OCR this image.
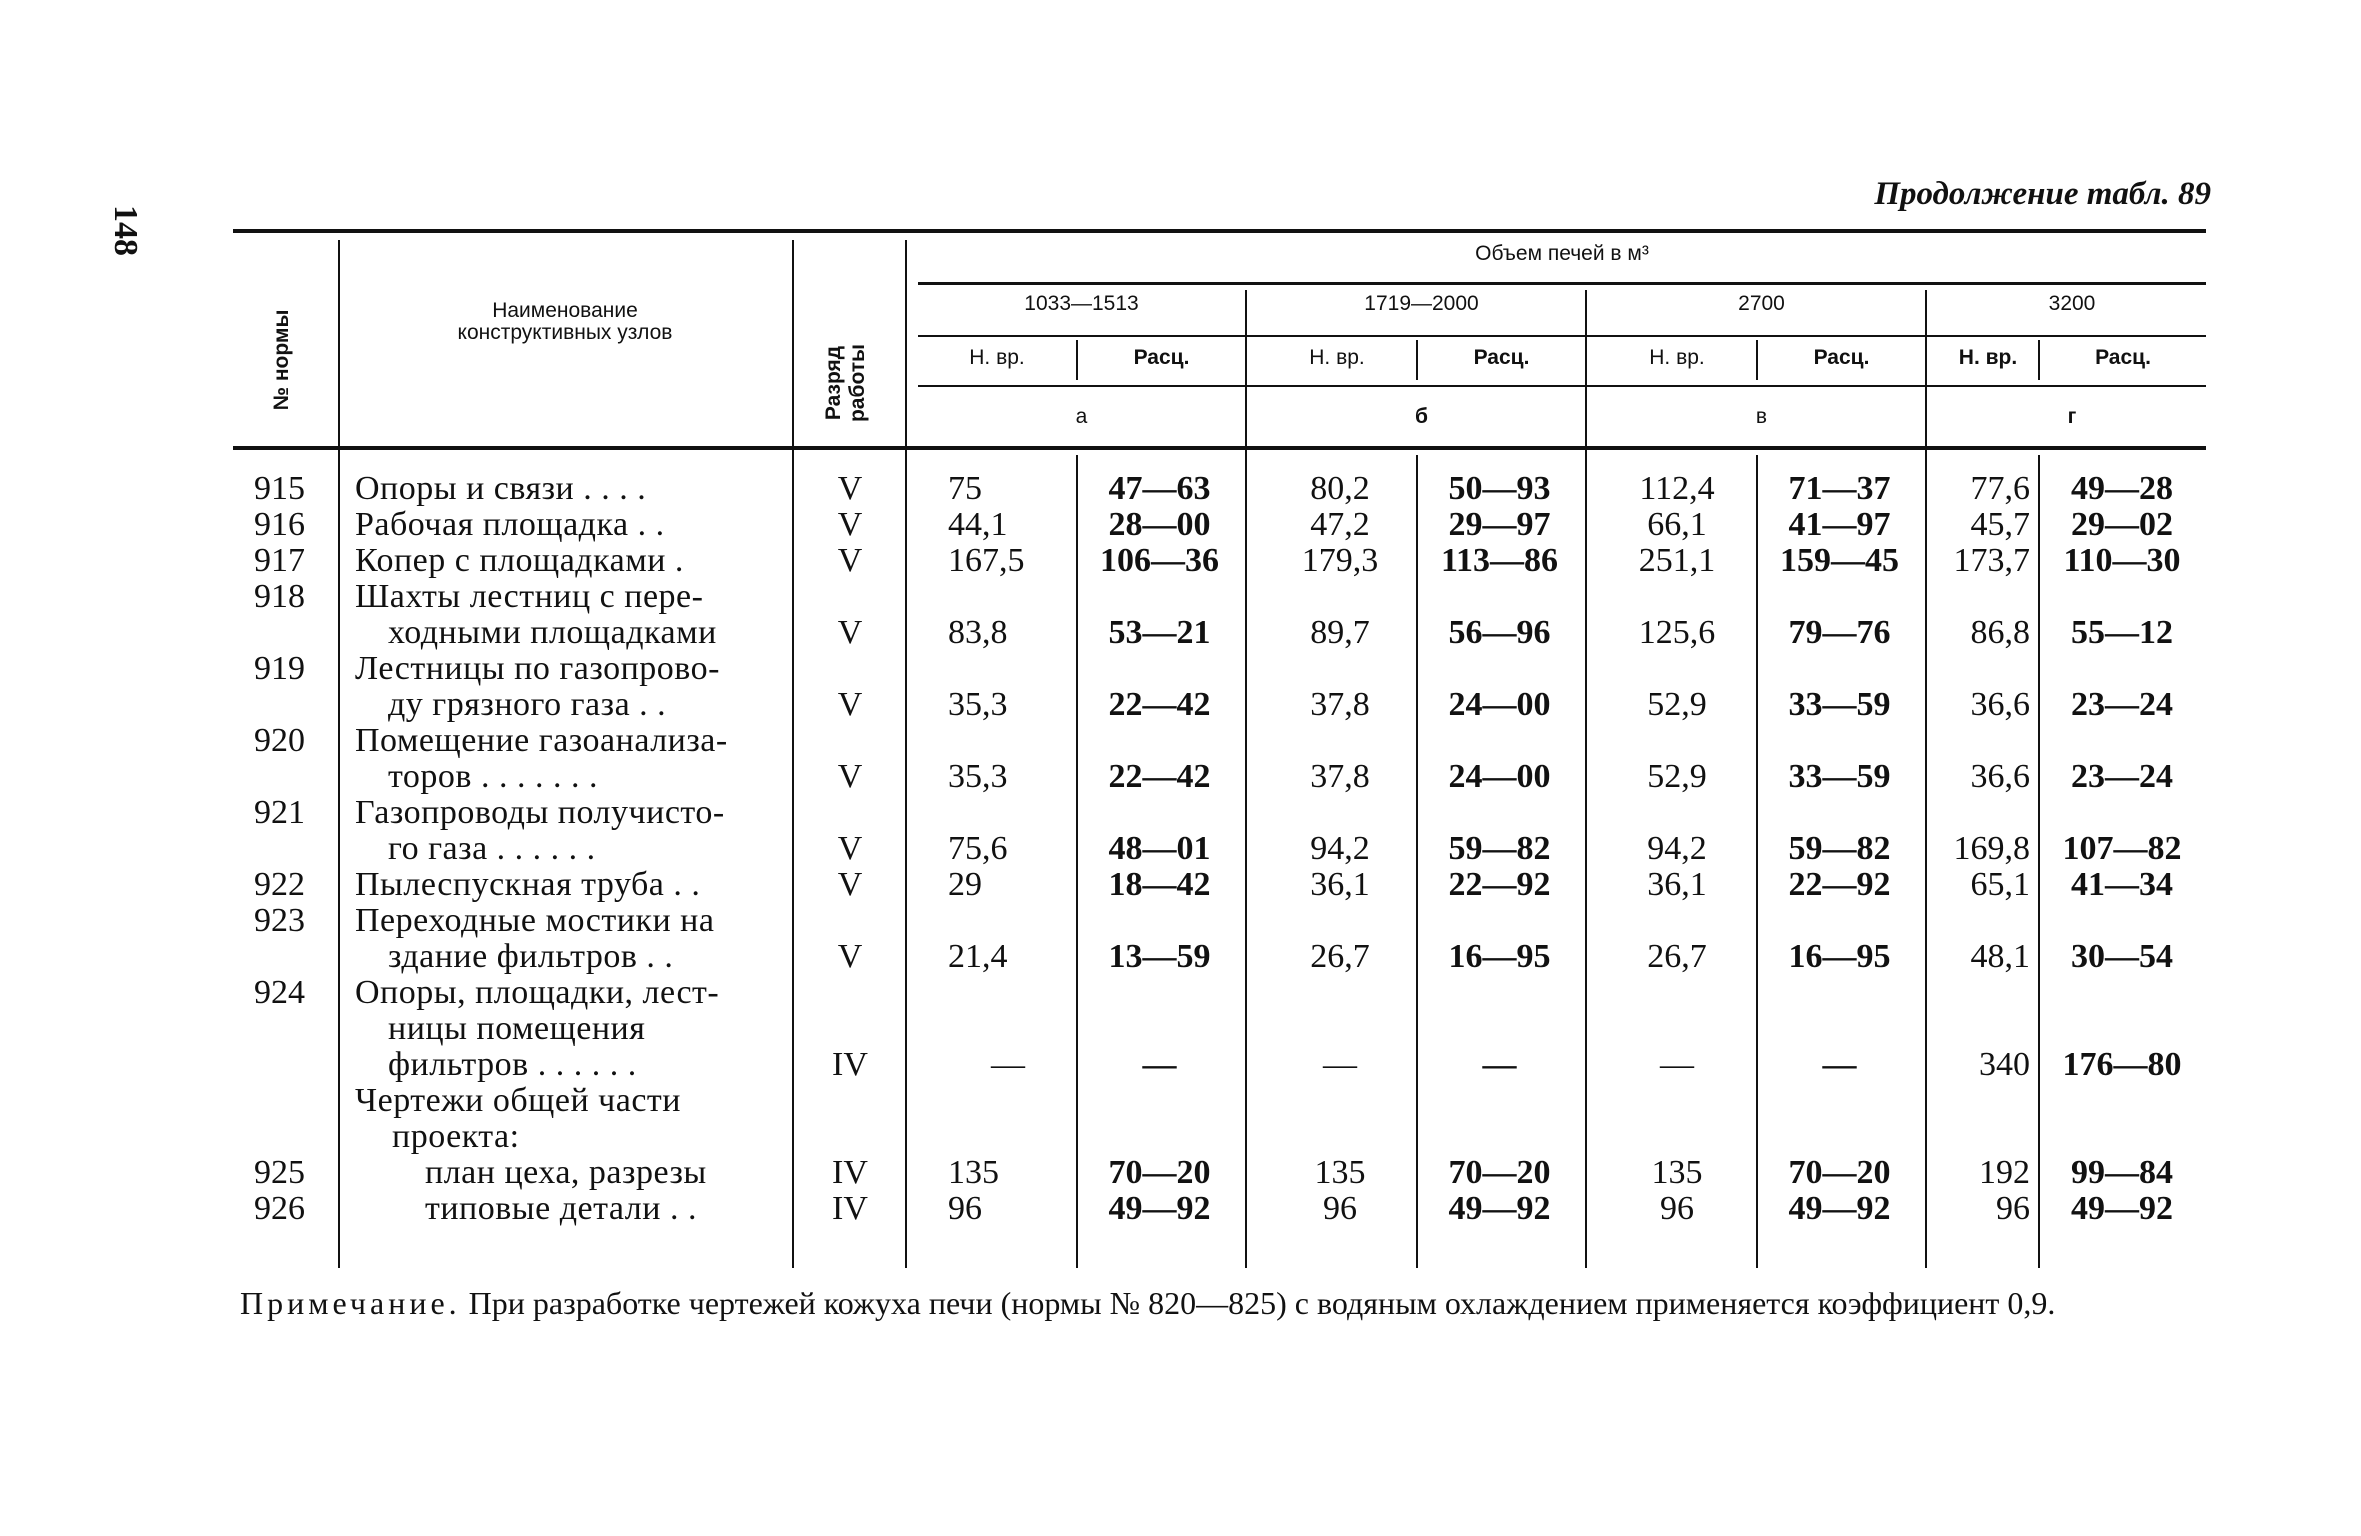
148
Продолжение табл. 89
№ нормы	Наименование конструктивных узлов
Разряд работы
Объем печей в м³
1033—1513	1719—2000	2700	3200
Н. вр.	Расц.	Н. вр.	Расц.	Н. вр.	Расц.	Н. вр.	Расц.
а	б	в	г
915 Опоры и связи . . . .	V	75	47—63	80,2	50—93	112,4	71—37	77,6	49—28
916 Рабочая площадка . .	V	44,1	28—00	47,2	29—97	66,1	41—97	45,7	29—02
917 Копер с площадками .	V	167,5	106—36	179,3	113—86	251,1	159—45	173,7 110—30
918 Шахты лестниц с пере-
ходными площадками	V	83,8	53—21	89,7	56—96	125,6	79—76	86,8	55—12
919 Лестницы по газопрово-
ду грязного газа . .	V	35,3	22—42	37,8	24—00	52,9	33—59	36,6	23—24
920 Помещение газоанализа-
торов . . . . . . .	V	35,3	22—42	37,8	24—00	52,9	33—59	36,6	23—24
921 Газопроводы получисто-
го газа . . . . . .	V	75,6	48—01	94,2	59—82	94,2	59—82	169,8 107—82
922 Пылеспускная труба . .	V	29	18—42	36,1	22—92	36,1	22—92	65,1	41—34
923 Переходные мостики на
здание фильтров . .	V	21,4	13—59	26,7	16—95	26,7	16—95	48,1	30—54
924 Опоры, площадки, лест-
ницы помещения
фильтров . . . . . .	IV	—	—	—	—	—	—	340 176—80
Чертежи общей части
проекта:
925	план цеха, разрезы	IV	135	70—20	135	70—20	135	70—20	192	99—84
926	типовые детали . .	IV	96	49—92	96	49—92	96	49—92	96	49—92
Примечание. При разработке чертежей кожуха печи (нормы № 820—825) с водяным охлаждением применяется коэффициент 0,9.
